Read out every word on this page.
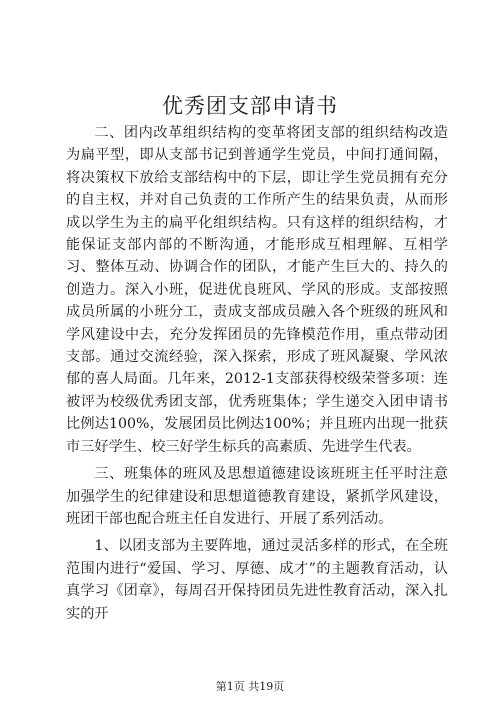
优秀团支部申请书

二、团内改革组织结构的变革将团支部的组织结构改造为扁平型，即从支部书记到普通学生党员，中间打通间隔，将决策权下放给支部结构中的下层，即让学生党员拥有充分的自主权，并对自己负责的工作所产生的结果负责，从而形成以学生为主的扁平化组织结构。只有这样的组织结构，才能保证支部内部的不断沟通，才能形成互相理解、互相学习、整体互动、协调合作的团队，才能产生巨大的、持久的创造力。深入小班，促进优良班风、学风的形成。支部按照成员所属的小班分工，责成支部成员融入各个班级的班风和学风建设中去，充分发挥团员的先锋模范作用，重点带动团支部。通过交流经验，深入探索，形成了班风凝聚、学风浓郁的喜人局面。几年来，2012-1支部获得校级荣誉多项：连被评为校级优秀团支部，优秀班集体；学生递交入团申请书比例达100%，发展团员比例达100%；并且班内出现一批获市三好学生、校三好学生标兵的高素质、先进学生代表。

三、班集体的班风及思想道德建设该班班主任平时注意加强学生的纪律建设和思想道德教育建设，紧抓学风建设，班团干部也配合班主任自发进行、开展了系列活动。

1、以团支部为主要阵地，通过灵活多样的形式，在全班范围内进行“爱国、学习、厚德、成才”的主题教育活动，认真学习《团章》，每周召开保持团员先进性教育活动，深入扎实的开

第1页 共19页
